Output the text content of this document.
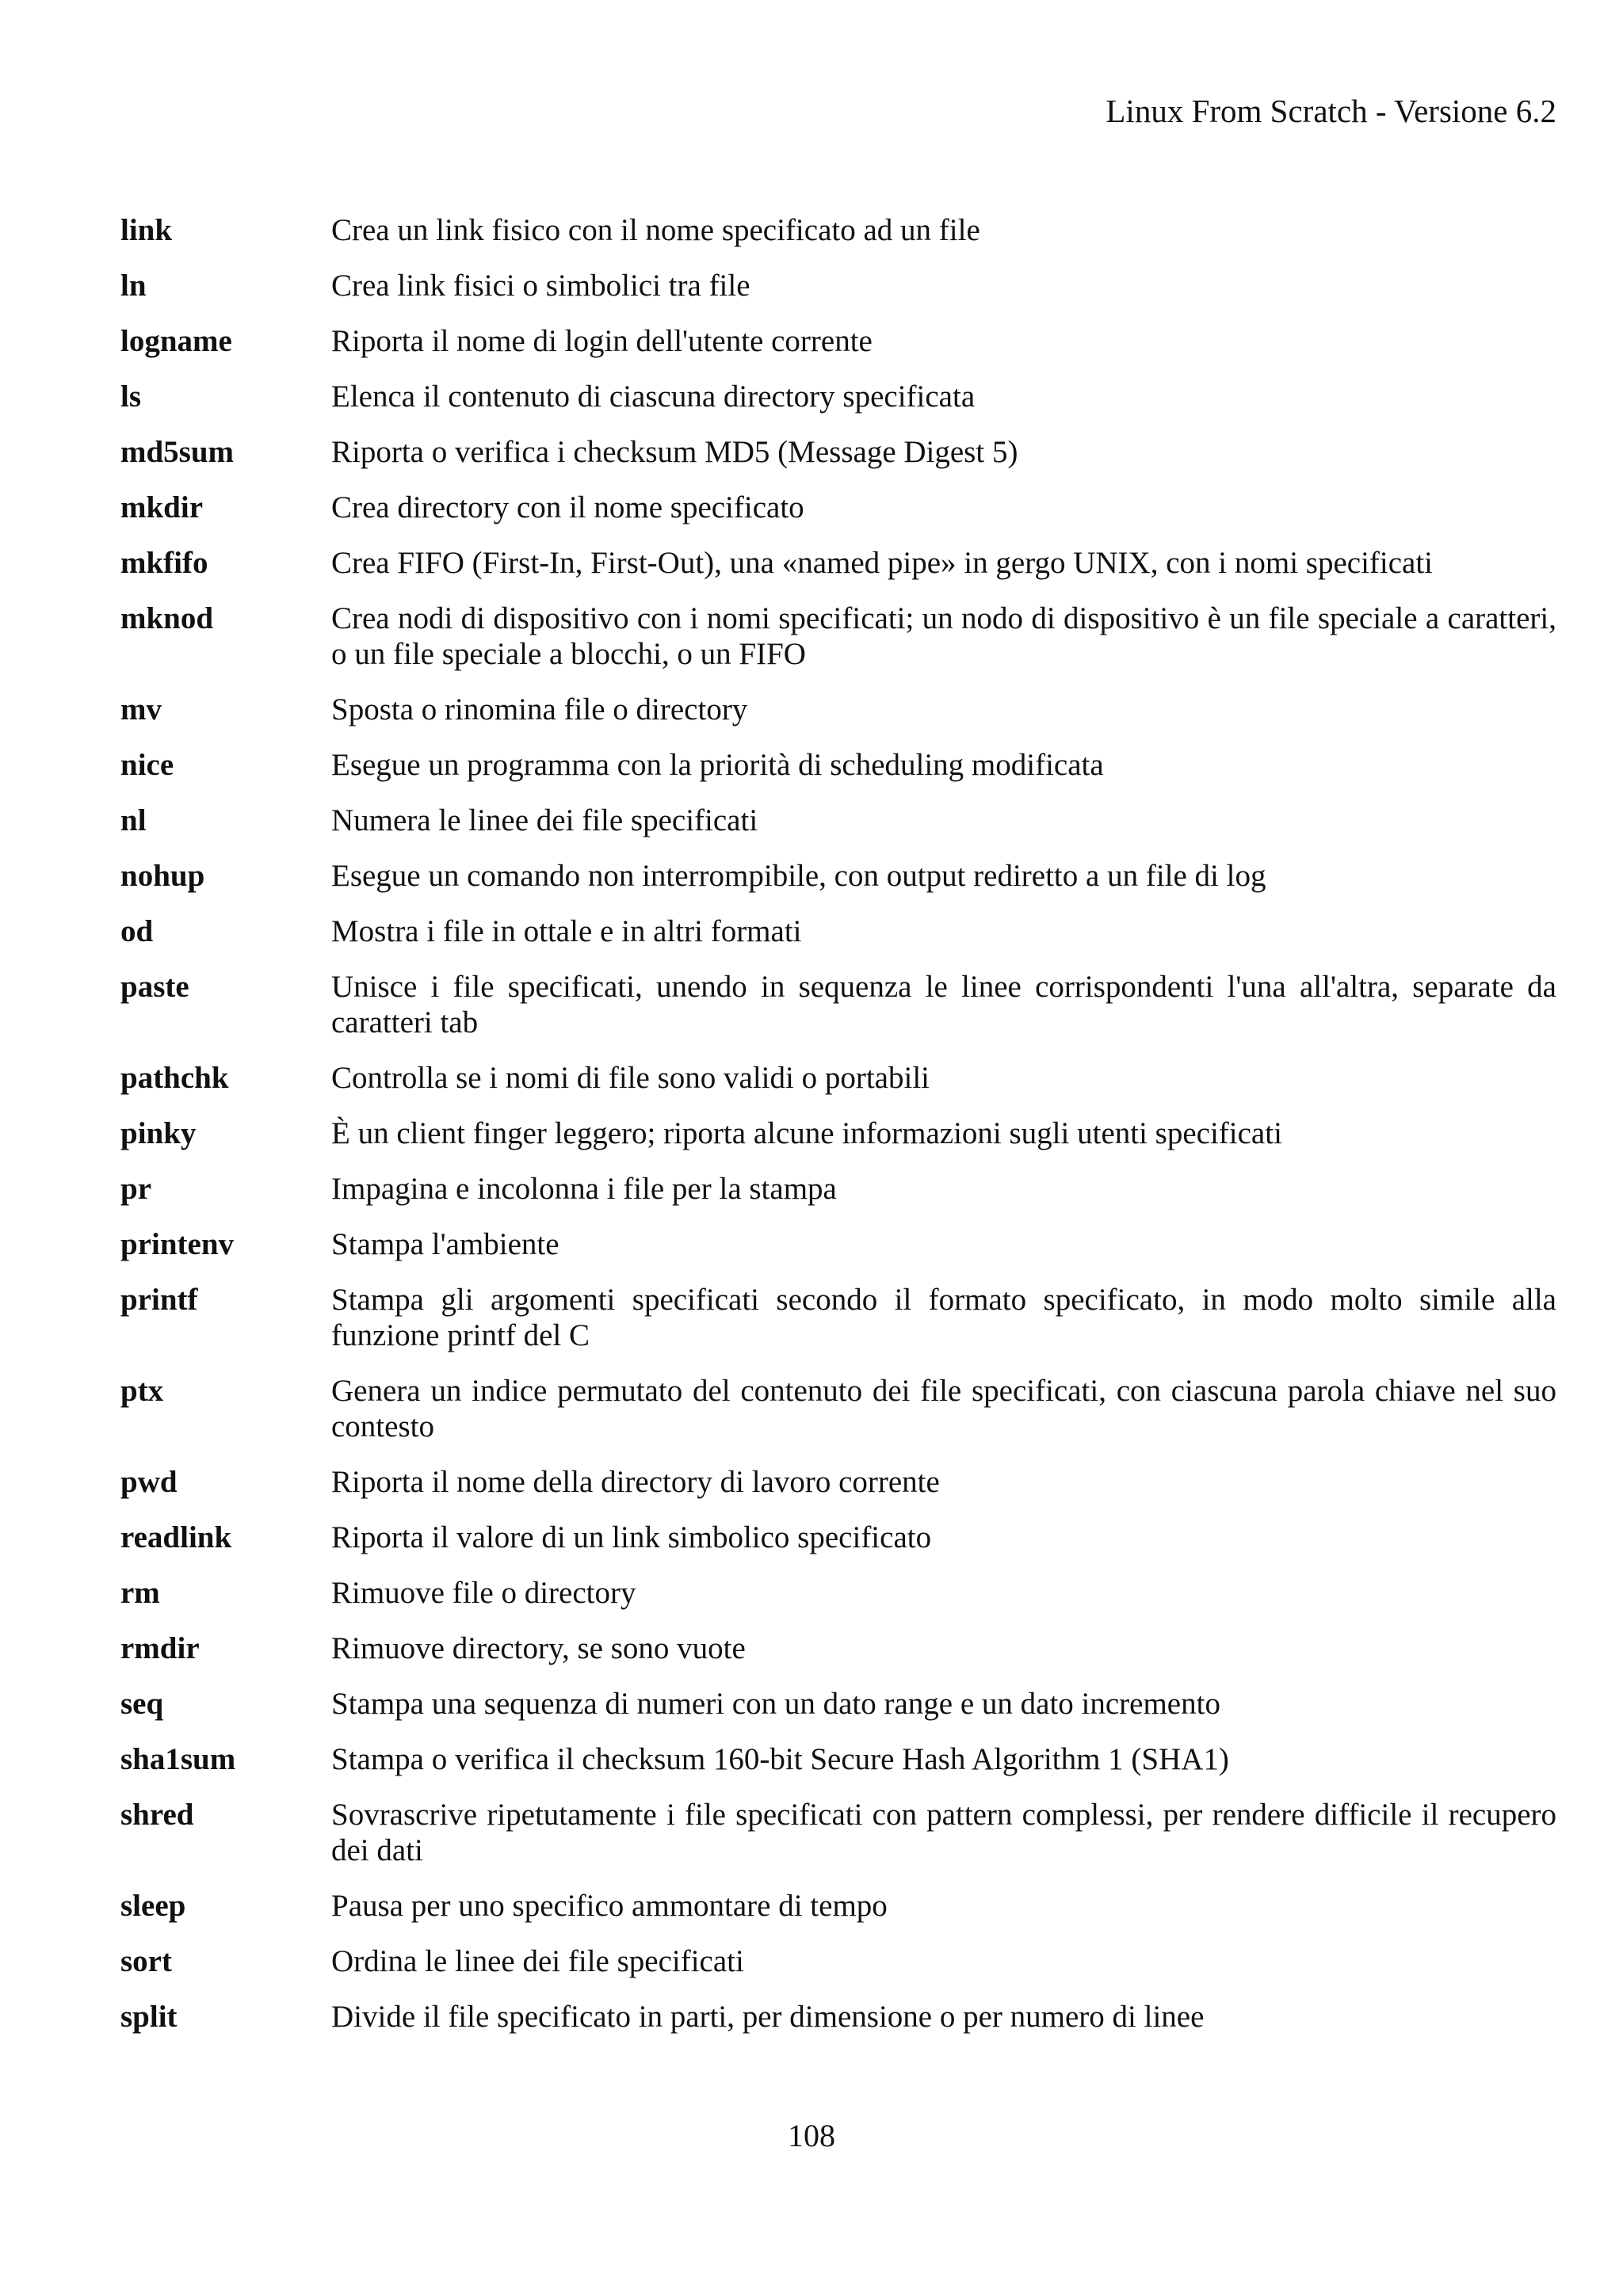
Linux From Scratch - Versione 6.2
link	Crea un link fisico con il nome specificato ad un file
ln	Crea link fisici o simbolici tra file
logname	Riporta il nome di login dell'utente corrente
ls	Elenca il contenuto di ciascuna directory specificata
md5sum	Riporta o verifica i checksum MD5 (Message Digest 5)
mkdir	Crea directory con il nome specificato
mkfifo	Crea FIFO (First-In, First-Out), una «named pipe» in gergo UNIX, con i nomi specificati
mknod	Crea nodi di dispositivo con i nomi specificati; un nodo di dispositivo è un file speciale a caratteri, o un file speciale a blocchi, o un FIFO
mv	Sposta o rinomina file o directory
nice	Esegue un programma con la priorità di scheduling modificata
nl	Numera le linee dei file specificati
nohup	Esegue un comando non interrompibile, con output rediretto a un file di log
od	Mostra i file in ottale e in altri formati
paste	Unisce i file specificati, unendo in sequenza le linee corrispondenti l'una all'altra, separate da caratteri tab
pathchk	Controlla se i nomi di file sono validi o portabili
pinky	È un client finger leggero; riporta alcune informazioni sugli utenti specificati
pr	Impagina e incolonna i file per la stampa
printenv	Stampa l'ambiente
printf	Stampa gli argomenti specificati secondo il formato specificato, in modo molto simile alla funzione printf del C
ptx	Genera un indice permutato del contenuto dei file specificati, con ciascuna parola chiave nel suo contesto
pwd	Riporta il nome della directory di lavoro corrente
readlink	Riporta il valore di un link simbolico specificato
rm	Rimuove file o directory
rmdir	Rimuove directory, se sono vuote
seq	Stampa una sequenza di numeri con un dato range e un dato incremento
sha1sum	Stampa o verifica il checksum 160-bit Secure Hash Algorithm 1 (SHA1)
shred	Sovrascrive ripetutamente i file specificati con pattern complessi, per rendere difficile il recupero dei dati
sleep	Pausa per uno specifico ammontare di tempo
sort	Ordina le linee dei file specificati
split	Divide il file specificato in parti, per dimensione o per numero di linee
108
